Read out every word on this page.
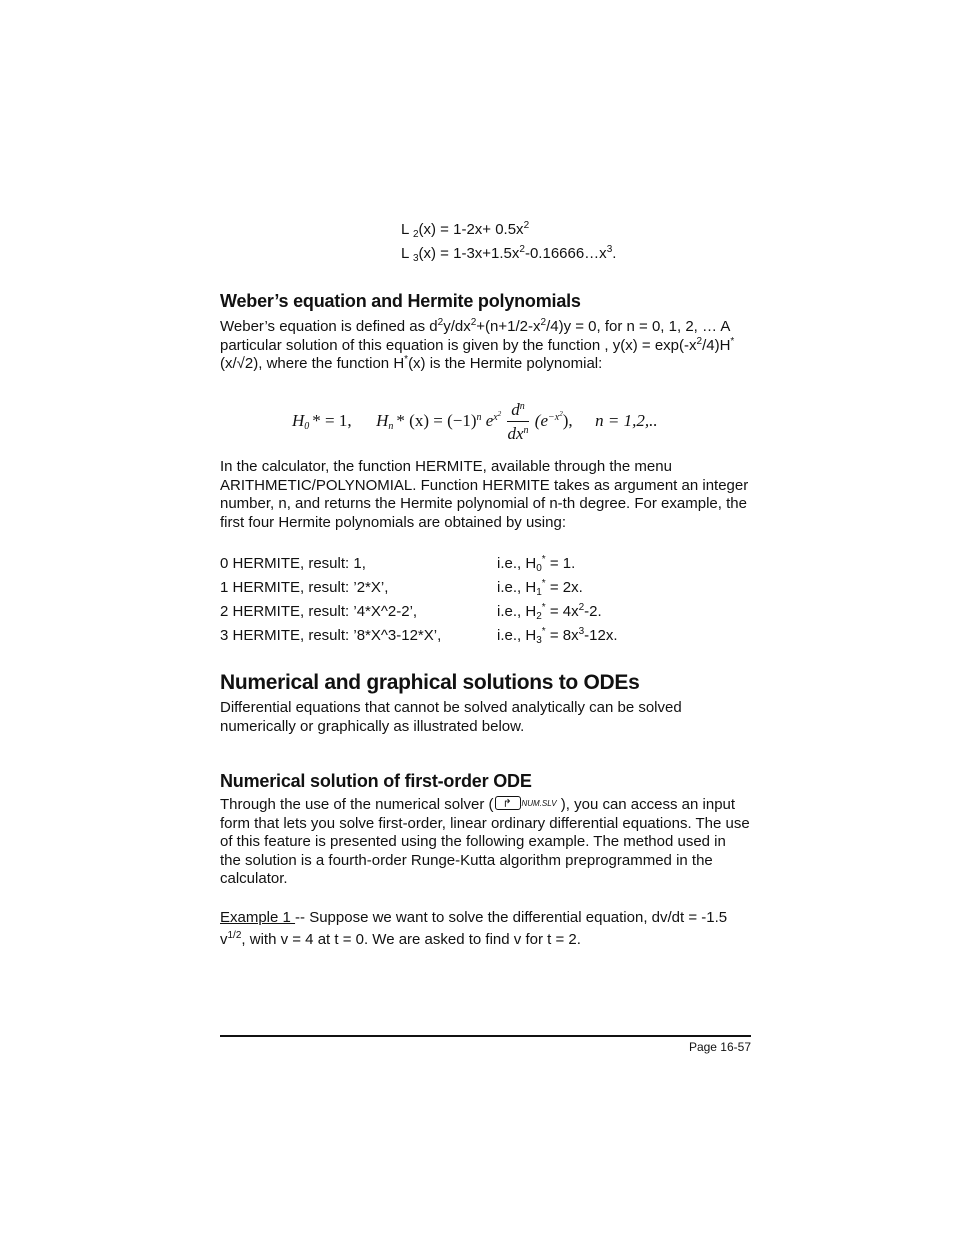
L $_2(x) = 1-2x+ 0.5x^2$
L $_3(x) = 1-3x+1.5x^2-0.16666\dots x^3$.
Weber’s equation and Hermite polynomials
Weber’s equation is defined as $d^2y/dx^2+(n+1/2-x^2/4)y = 0$, for n = 0, 1, 2, … A particular solution of this equation is given by the function , $y(x) = \exp(-x^2/4)H^*(x/√2)$, where the function H*(x) is the Hermite polynomial:
$H_0$ * = 1, $H_n * (x) = (-1)^n$ $e^{x^2} \frac{d^n}{dx^n} (e^{-x^2})$, n = 1,2,..
In the calculator, the function HERMITE, available through the menu ARITHMETIC/POLYNOMIAL. Function HERMITE takes as argument an integer number, n, and returns the Hermite polynomial of n-th degree. For example, the first four Hermite polynomials are obtained by using:
0 HERMITE, result: 1,	i.e., $H_0^* = 1$.
1 HERMITE, result: ’2*X’,	i.e., $H_1^* = 2x$.
2 HERMITE, result: ’4*X^2-2’,	i.e., $H_2^* = 4x^2-2$.
3 HERMITE, result: ’8*X^3-12*X’,	i.e., $H_3^* = 8x^3-12x$.
Numerical and graphical solutions to ODEs
Differential equations that cannot be solved analytically can be solved numerically or graphically as illustrated below.
Numerical solution of first-order ODE
Through the use of the numerical solver ( ↱ $^{NUM.SLV}$ ), you can access an input form that lets you solve first-order, linear ordinary differential equations. The use of this feature is presented using the following example. The method used in the solution is a fourth-order Runge-Kutta algorithm preprogrammed in the calculator.
Example 1 -- Suppose we want to solve the differential equation, dv/dt = -1.5 $v^{1/2}$, with v = 4 at t = 0. We are asked to find v for t = 2.
Page 16-57
